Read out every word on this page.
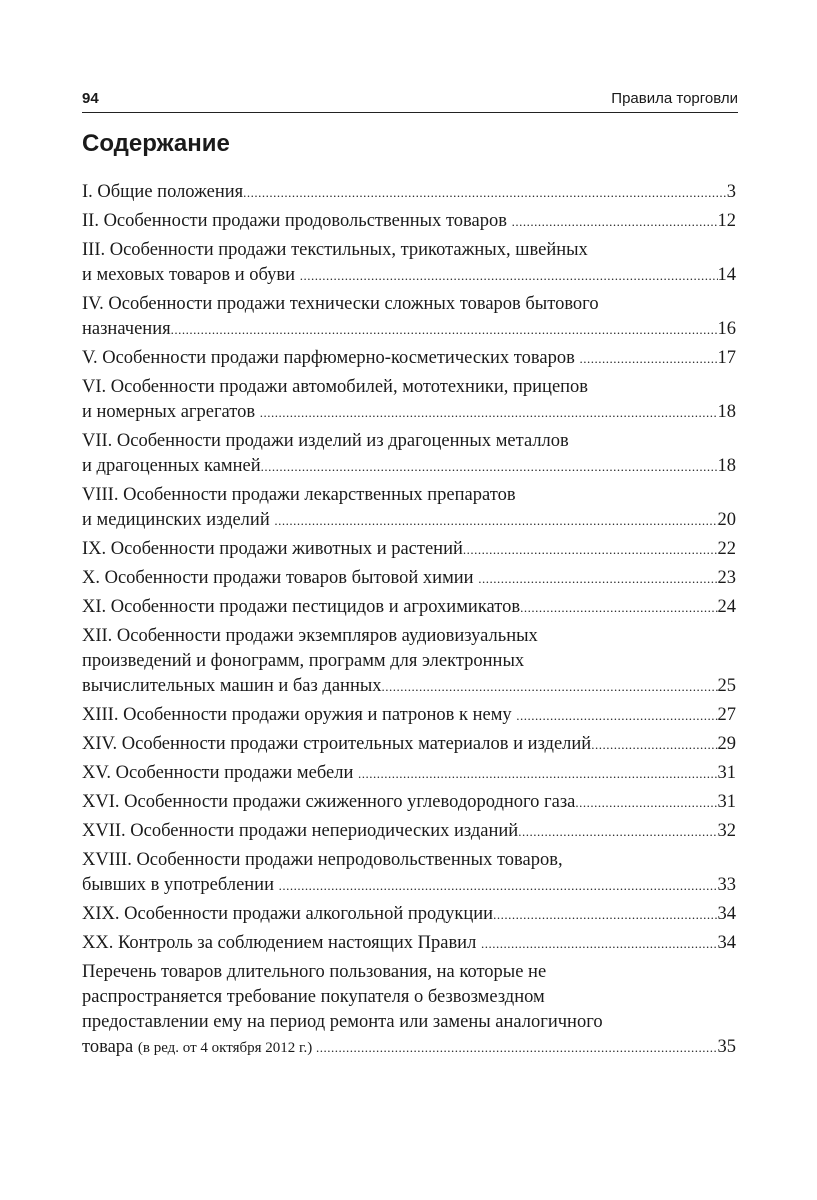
94	Правила торговли
Содержание
I. Общие положения .....	3
II. Особенности продажи продовольственных товаров .....	12
III. Особенности продажи текстильных, трикотажных, швейных
и меховых товаров и обуви .....	14
IV. Особенности продажи технически сложных товаров бытового
назначения .....	16
V. Особенности продажи парфюмерно-косметических товаров .....	17
VI. Особенности продажи автомобилей, мототехники, прицепов
и номерных агрегатов .....	18
VII. Особенности продажи изделий из драгоценных металлов
и драгоценных камней .....	18
VIII. Особенности продажи лекарственных препаратов
и медицинских изделий .....	20
IX. Особенности продажи животных и растений .....	22
X. Особенности продажи товаров бытовой химии .....	23
XI. Особенности продажи пестицидов и агрохимикатов .....	24
XII. Особенности продажи экземпляров аудиовизуальных
произведений и фонограмм, программ для электронных
вычислительных машин и баз данных .....	25
XIII. Особенности продажи оружия и патронов к нему .....	27
XIV. Особенности продажи строительных материалов и изделий .....	29
XV. Особенности продажи мебели .....	31
XVI. Особенности продажи сжиженного углеводородного газа .....	31
XVII. Особенности продажи непериодических изданий .....	32
XVIII. Особенности продажи непродовольственных товаров,
бывших в употреблении .....	33
XIX. Особенности продажи алкогольной продукции .....	34
XX. Контроль за соблюдением настоящих Правил .....	34
Перечень товаров длительного пользования, на которые не
распространяется требование покупателя о безвозмездном
предоставлении ему на период ремонта или замены аналогичного
товара (в ред. от 4 октября 2012 г.) .....	35
